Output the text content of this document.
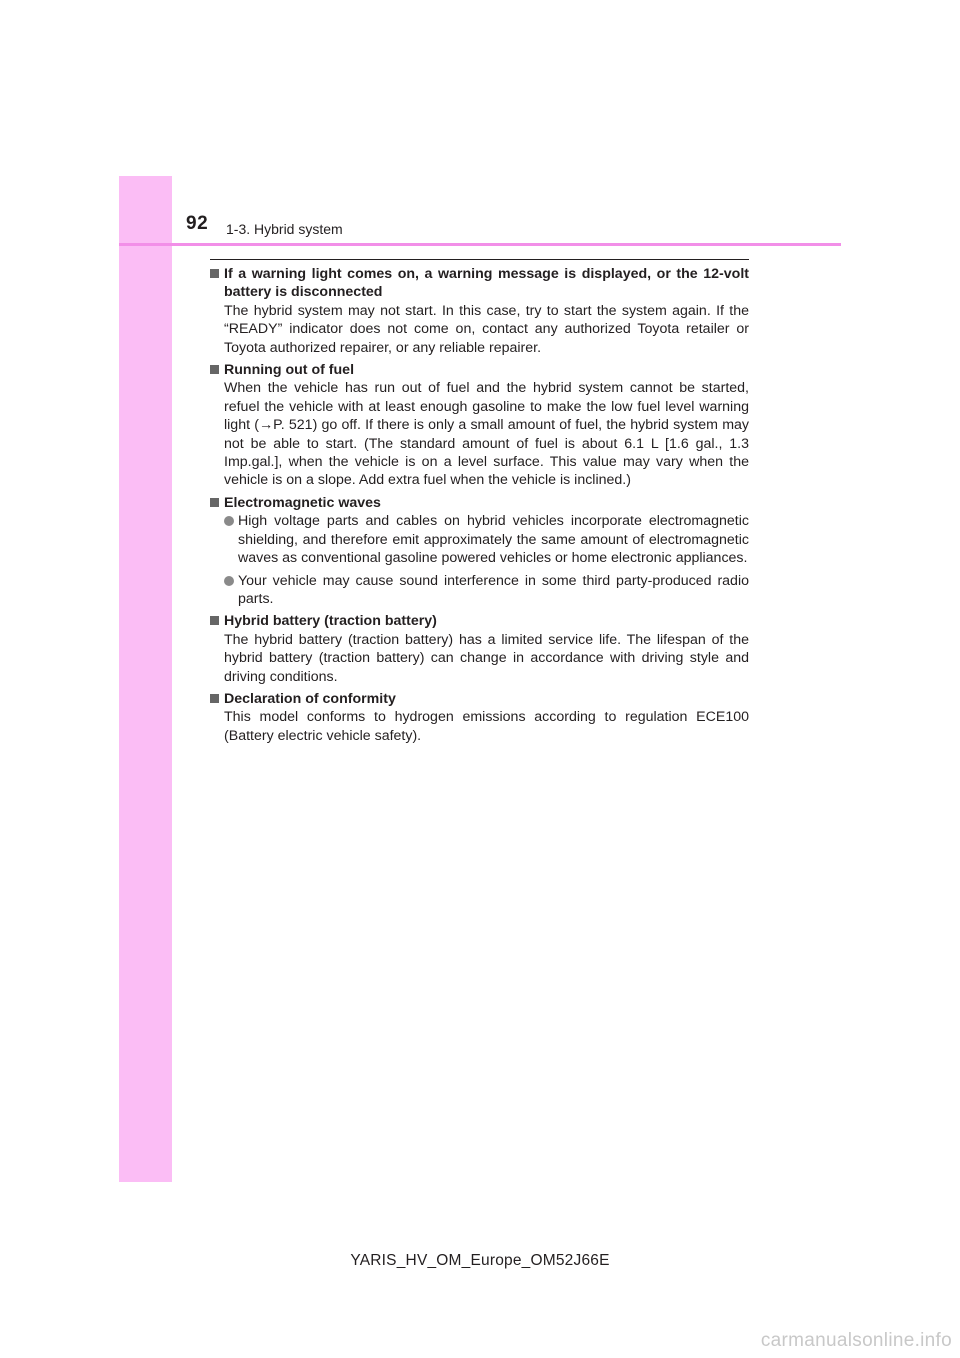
92 1-3. Hybrid system
If a warning light comes on, a warning message is displayed, or the 12-volt battery is disconnected
The hybrid system may not start. In this case, try to start the system again. If the “READY” indicator does not come on, contact any authorized Toyota retailer or Toyota authorized repairer, or any reliable repairer.
Running out of fuel
When the vehicle has run out of fuel and the hybrid system cannot be started, refuel the vehicle with at least enough gasoline to make the low fuel level warning light (→P. 521) go off. If there is only a small amount of fuel, the hybrid system may not be able to start. (The standard amount of fuel is about 6.1 L [1.6 gal., 1.3 Imp.gal.], when the vehicle is on a level surface. This value may vary when the vehicle is on a slope. Add extra fuel when the vehicle is inclined.)
Electromagnetic waves
High voltage parts and cables on hybrid vehicles incorporate electromagnetic shielding, and therefore emit approximately the same amount of electromagnetic waves as conventional gasoline powered vehicles or home electronic appliances.
Your vehicle may cause sound interference in some third party-produced radio parts.
Hybrid battery (traction battery)
The hybrid battery (traction battery) has a limited service life. The lifespan of the hybrid battery (traction battery) can change in accordance with driving style and driving conditions.
Declaration of conformity
This model conforms to hydrogen emissions according to regulation ECE100 (Battery electric vehicle safety).
YARIS_HV_OM_Europe_OM52J66E
carmanualsonline.info
